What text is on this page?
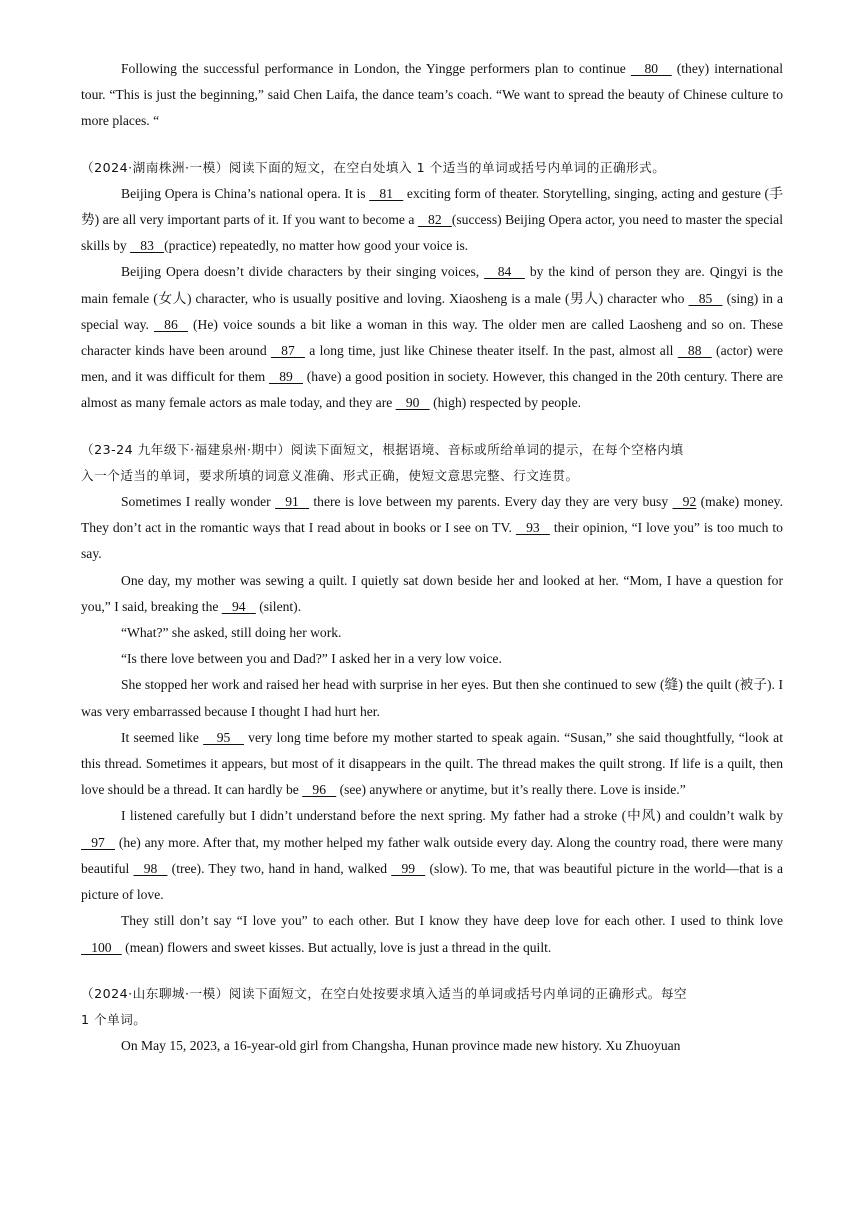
Following the successful performance in London, the Yingge performers plan to continue     80     (they) international tour. “This is just the beginning,” said Chen Laifa, the dance team’s coach. “We want to spread the beauty of Chinese culture to more places. “

（2024·湖南株洲·一模）阅读下面的短文，在空白处填入 1 个适当的单词或括号内单词的正确形式。

Beijing Opera is China’s national opera. It is    81    exciting form of theater. Storytelling, singing, acting and gesture (手势) are all very important parts of it. If you want to become a    82   (success) Beijing Opera actor, you need to master the special skills by    83   (practice) repeatedly, no matter how good your voice is.

Beijing Opera doesn’t divide characters by their singing voices,     84     by the kind of person they are. Qingyi is the main female (女人) character, who is usually positive and loving. Xiaosheng is a male (男人) character who    85    (sing) in a special way.    86    (He) voice sounds a bit like a woman in this way. The older men are called Laosheng and so on. These character kinds have been around    87    a long time, just like Chinese theater itself. In the past, almost all    88    (actor) were men, and it was difficult for them    89    (have) a good position in society. However, this changed in the 20th century. There are almost as many female actors as male today, and they are    90    (high) respected by people.

（23-24 九年级下·福建泉州·期中）阅读下面短文，根据语境、音标或所给单词的提示，在每个空格内填

入一个适当的单词，要求所填的词意义准确、形式正确，使短文意思完整、行文连贯。

Sometimes I really wonder    91    there is love between my parents. Every day they are very busy    92 (make) money. They don’t act in the romantic ways that I read about in books or I see on TV.    93    their opinion, “I love you” is too much to say.

One day, my mother was sewing a quilt. I quietly sat down beside her and looked at her. “Mom, I have a question for you,” I said, breaking the    94    (silent).

“What?” she asked, still doing her work.

“Is there love between you and Dad?” I asked her in a very low voice.

She stopped her work and raised her head with surprise in her eyes. But then she continued to sew (缝) the quilt (被子). I was very embarrassed because I thought I had hurt her.

It seemed like     95     very long time before my mother started to speak again. “Susan,” she said thoughtfully, “look at this thread. Sometimes it appears, but most of it disappears in the quilt. The thread makes the quilt strong. If life is a quilt, then love should be a thread. It can hardly be    96    (see) anywhere or anytime, but it’s really there. Love is inside.”

I listened carefully but I didn’t understand before the next spring. My father had a stroke (中风) and couldn’t walk by    97    (he) any more. After that, my mother helped my father walk outside every day. Along the country road, there were many beautiful    98    (tree). They two, hand in hand, walked    99    (slow). To me, that was beautiful picture in the world—that is a picture of love.

They still don’t say “I love you” to each other. But I know they have deep love for each other. I used to think love    100    (mean) flowers and sweet kisses. But actually, love is just a thread in the quilt.

（2024·山东聊城·一模）阅读下面短文，在空白处按要求填入适当的单词或括号内单词的正确形式。每空

1 个单词。

On May 15, 2023, a 16-year-old girl from Changsha, Hunan province made new history. Xu Zhuoyuan
